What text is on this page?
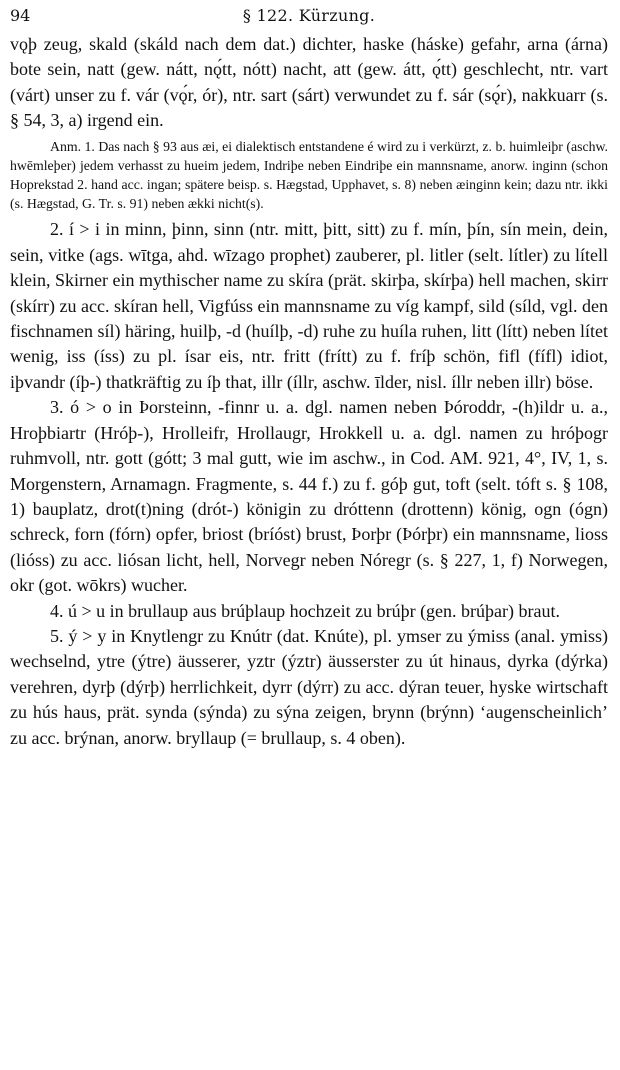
94	§ 122. Kürzung.

vǫþ zeug, skald (skáld nach dem dat.) dichter, haske (háske) gefahr, arna (árna) bote sein, natt (gew. nátt, nǫ́tt, nótt) nacht, att (gew. átt, ǫ́tt) geschlecht, ntr. vart (várt) unser zu f. vár (vǫ́r, ór), ntr. sart (sárt) verwundet zu f. sár (sǫ́r), nakkuarr (s. § 54, 3, a) irgend ein.

Anm. 1. Das nach § 93 aus æi, ei dialektisch entstandene é wird zu i verkürzt, z. b. huimleiþr (aschw. hwēmleþer) jedem verhasst zu hueim jedem, Indriþe neben Eindriþe ein mannsname, anorw. inginn (schon Hoprekstad 2. hand acc. ingan; spätere beisp. s. Hægstad, Upphavet, s. 8) neben æinginn kein; dazu ntr. ikki (s. Hægstad, G. Tr. s. 91) neben ækki nicht(s).

2. í > i in minn, þinn, sinn (ntr. mitt, þitt, sitt) zu f. mín, þín, sín mein, dein, sein, vitke (ags. wītga, ahd. wīzago prophet) zauberer, pl. litler (selt. lítler) zu lítell klein, Skirner ein mythischer name zu skíra (prät. skirþa, skírþa) hell machen, skirr (skírr) zu acc. skíran hell, Vigfúss ein mannsname zu víg kampf, sild (síld, vgl. den fischnamen síl) häring, huilþ, -d (huílþ, -d) ruhe zu huíla ruhen, litt (lítt) neben lítet wenig, iss (íss) zu pl. ísar eis, ntr. fritt (frítt) zu f. fríþ schön, fifl (fífl) idiot, iþvandr (íþ-) thatkräftig zu íþ that, illr (íllr, aschw. īlder, nisl. íllr neben illr) böse.

3. ó > o in Þorsteinn, -finnr u. a. dgl. namen neben Þóroddr, -(h)ildr u. a., Hroþbiartr (Hróþ-), Hrolleifr, Hrollaugr, Hrokkell u. a. dgl. namen zu hróþogr ruhmvoll, ntr. gott (gótt; 3 mal gutt, wie im aschw., in Cod. AM. 921, 4°, IV, 1, s. Morgenstern, Arnamagn. Fragmente, s. 44 f.) zu f. góþ gut, toft (selt. tóft s. § 108, 1) bauplatz, drot(t)ning (drót-) königin zu dróttenn (drottenn) könig, ogn (ógn) schreck, forn (fórn) opfer, briost (bríóst) brust, Þorþr (Þórþr) ein mannsname, lioss (lióss) zu acc. liósan licht, hell, Norvegr neben Nóregr (s. § 227, 1, f) Norwegen, okr (got. wōkrs) wucher.

4. ú > u in brullaup aus brúþlaup hochzeit zu brúþr (gen. brúþar) braut.

5. ý > y in Knytlengr zu Knútr (dat. Knúte), pl. ymser zu ýmiss (anal. ymiss) wechselnd, ytre (ýtre) äusserer, yztr (ýztr) äusserster zu út hinaus, dyrka (dýrka) verehren, dyrþ (dýrþ) herrlichkeit, dyrr (dýrr) zu acc. dýran teuer, hyske wirtschaft zu hús haus, prät. synda (sýnda) zu sýna zeigen, brynn (brýnn) ‘augenscheinlich’ zu acc. brýnan, anorw. bryllaup (= brullaup, s. 4 oben).
